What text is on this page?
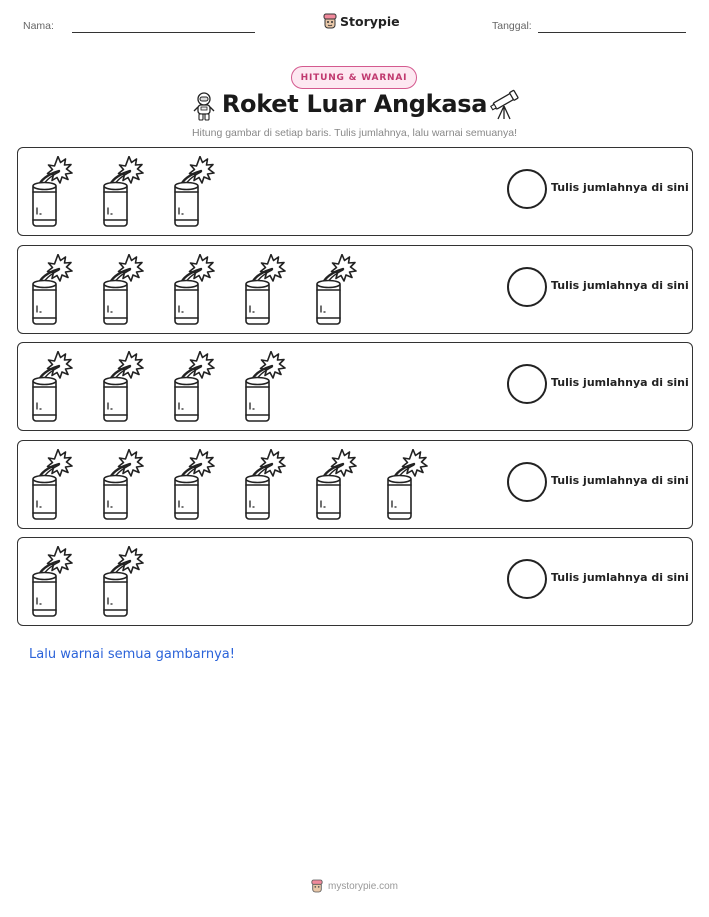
Nama:	Storypie	Tanggal:
HITUNG & WARNAI
Roket Luar Angkasa
Hitung gambar di setiap baris. Tulis jumlahnya, lalu warnai semuanya!
Tulis jumlahnya di sini
Tulis jumlahnya di sini
Tulis jumlahnya di sini
Tulis jumlahnya di sini
Tulis jumlahnya di sini
Lalu warnai semua gambarnya!
mystorypie.com
